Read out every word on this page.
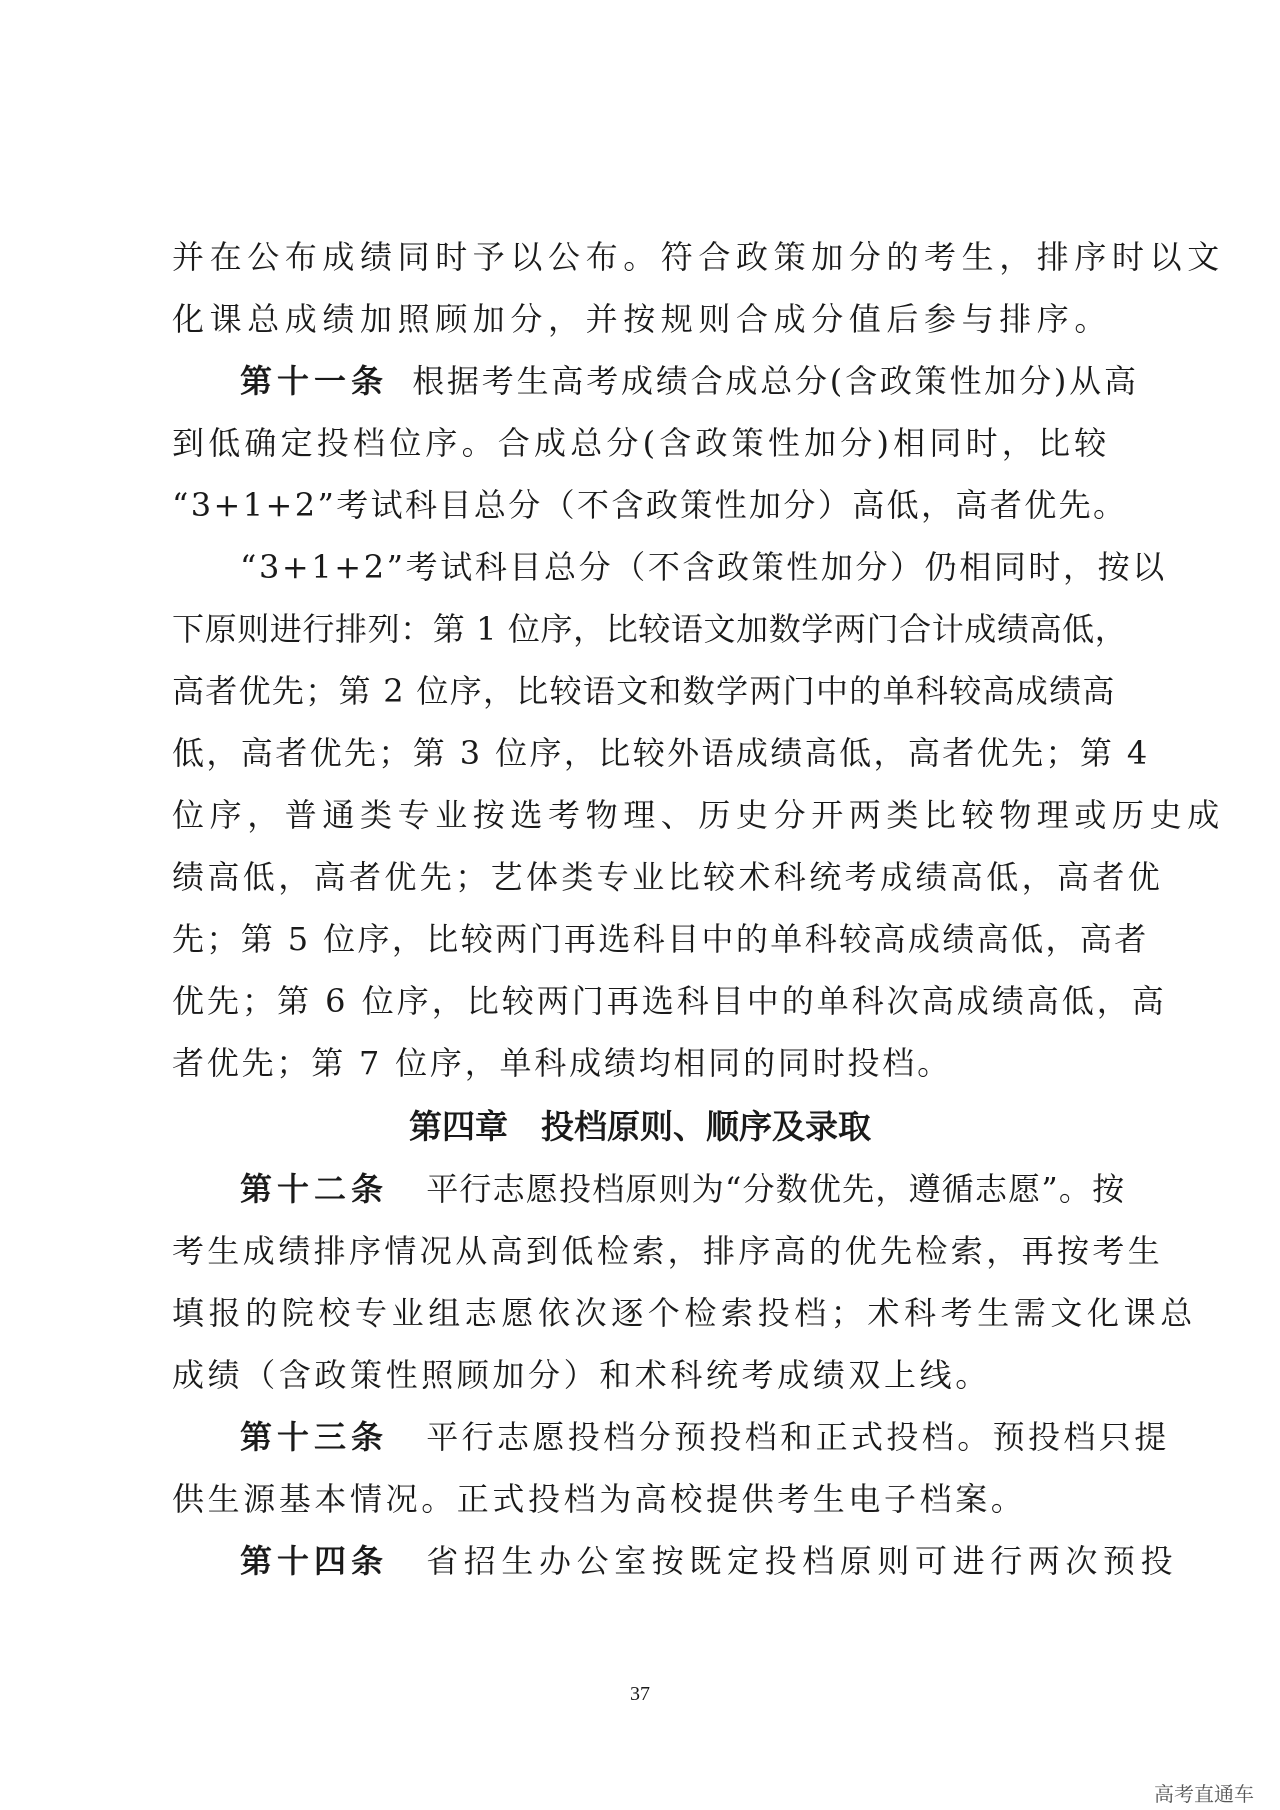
并在公布成绩同时予以公布。符合政策加分的考生，排序时以文
化课总成绩加照顾加分，并按规则合成分值后参与排序。
第十一条 根据考生高考成绩合成总分(含政策性加分)从高
到低确定投档位序。合成总分(含政策性加分)相同时，比较
“3+1+2”考试科目总分（不含政策性加分）高低，高者优先。
“3+1+2”考试科目总分（不含政策性加分）仍相同时，按以
下原则进行排列：第 1 位序，比较语文加数学两门合计成绩高低，
高者优先；第 2 位序，比较语文和数学两门中的单科较高成绩高
低，高者优先；第 3 位序，比较外语成绩高低，高者优先；第 4
位序，普通类专业按选考物理、历史分开两类比较物理或历史成
绩高低，高者优先；艺体类专业比较术科统考成绩高低，高者优
先；第 5 位序，比较两门再选科目中的单科较高成绩高低，高者
优先；第 6 位序，比较两门再选科目中的单科次高成绩高低，高
者优先；第 7 位序，单科成绩均相同的同时投档。
第四章　投档原则、顺序及录取
第十二条 平行志愿投档原则为“分数优先，遵循志愿”。按
考生成绩排序情况从高到低检索，排序高的优先检索，再按考生
填报的院校专业组志愿依次逐个检索投档；术科考生需文化课总
成绩（含政策性照顾加分）和术科统考成绩双上线。
第十三条 平行志愿投档分预投档和正式投档。预投档只提
供生源基本情况。正式投档为高校提供考生电子档案。
第十四条 省招生办公室按既定投档原则可进行两次预投
37
高考直通车
